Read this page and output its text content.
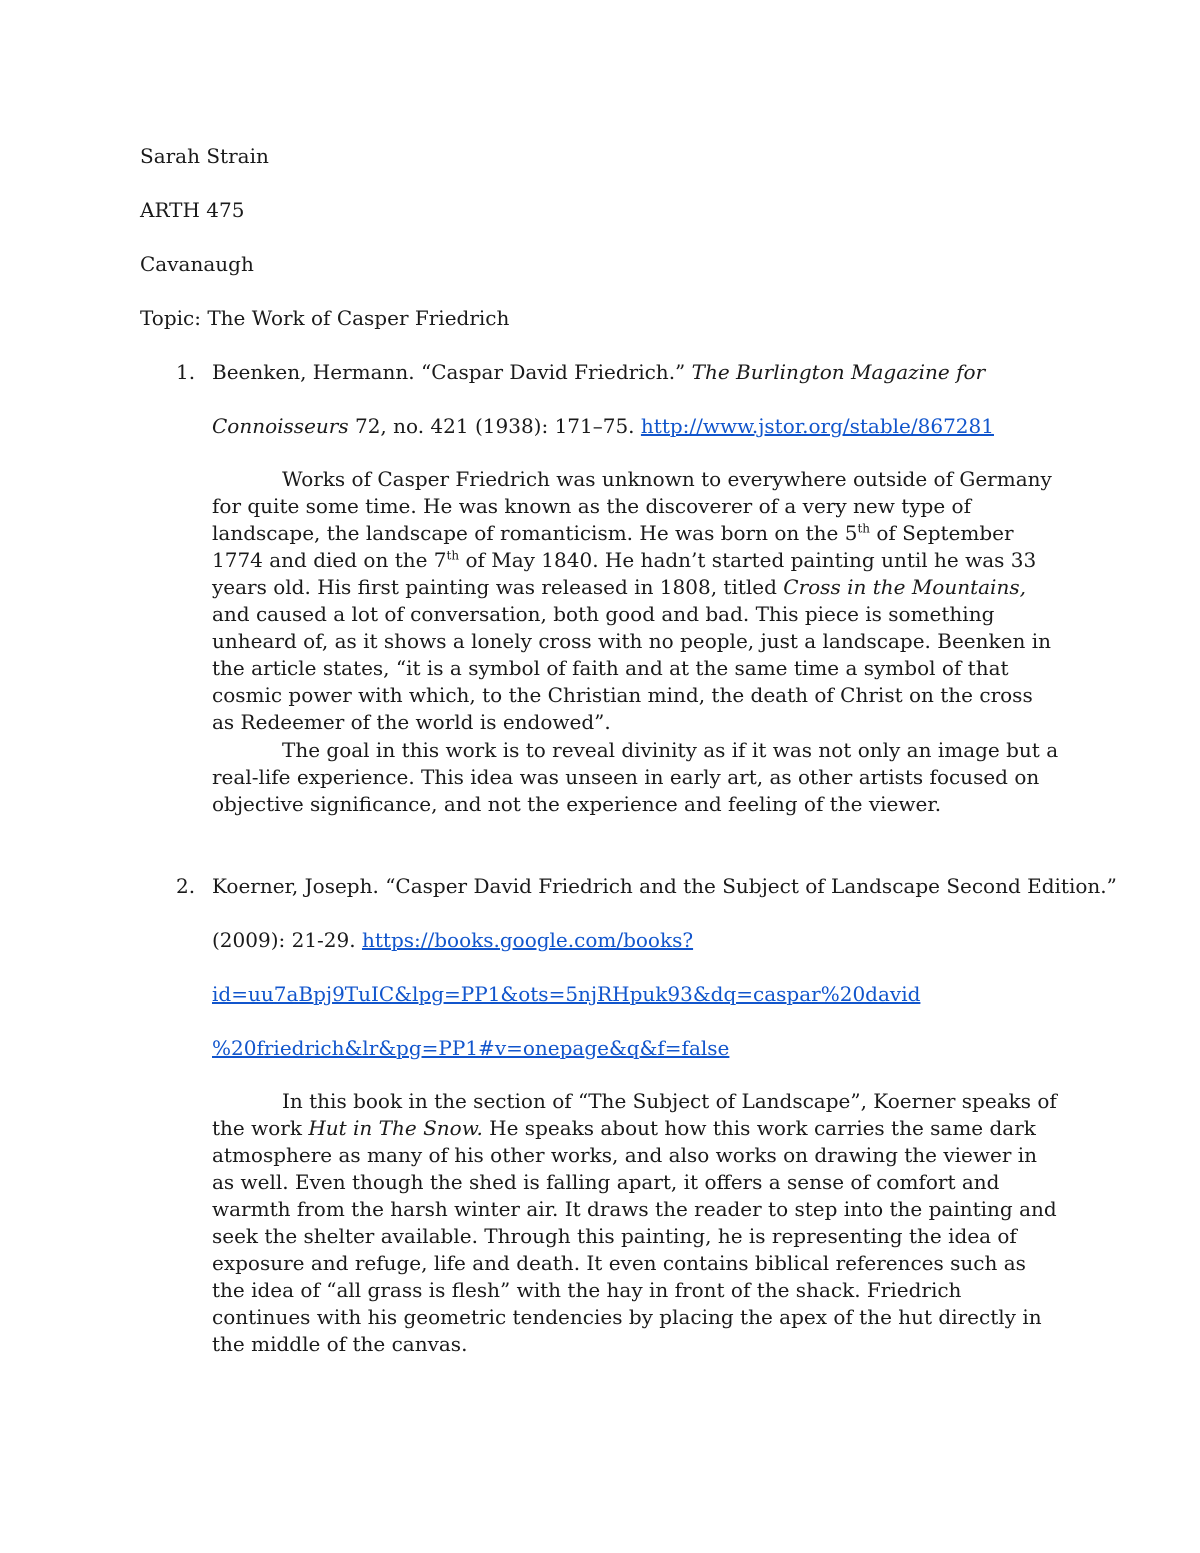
Sarah Strain
ARTH 475
Cavanaugh
Topic: The Work of Casper Friedrich
1. Beenken, Hermann. “Caspar David Friedrich.” The Burlington Magazine for
Connoisseurs 72, no. 421 (1938): 171–75. http://www.jstor.org/stable/867281
Works of Casper Friedrich was unknown to everywhere outside of Germany for quite some time. He was known as the discoverer of a very new type of landscape, the landscape of romanticism. He was born on the 5th of September 1774 and died on the 7th of May 1840. He hadn’t started painting until he was 33 years old. His first painting was released in 1808, titled Cross in the Mountains, and caused a lot of conversation, both good and bad. This piece is something unheard of, as it shows a lonely cross with no people, just a landscape. Beenken in the article states, “it is a symbol of faith and at the same time a symbol of that cosmic power with which, to the Christian mind, the death of Christ on the cross as Redeemer of the world is endowed”.
The goal in this work is to reveal divinity as if it was not only an image but a real-life experience. This idea was unseen in early art, as other artists focused on objective significance, and not the experience and feeling of the viewer.
2. Koerner, Joseph. “Casper David Friedrich and the Subject of Landscape Second Edition.”
(2009): 21-29. https://books.google.com/books?
id=uu7aBpj9TuIC&lpg=PP1&ots=5njRHpuk93&dq=caspar%20david
%20friedrich&lr&pg=PP1#v=onepage&q&f=false
In this book in the section of “The Subject of Landscape”, Koerner speaks of the work Hut in The Snow. He speaks about how this work carries the same dark atmosphere as many of his other works, and also works on drawing the viewer in as well. Even though the shed is falling apart, it offers a sense of comfort and warmth from the harsh winter air. It draws the reader to step into the painting and seek the shelter available. Through this painting, he is representing the idea of exposure and refuge, life and death. It even contains biblical references such as the idea of “all grass is flesh” with the hay in front of the shack. Friedrich continues with his geometric tendencies by placing the apex of the hut directly in the middle of the canvas.
